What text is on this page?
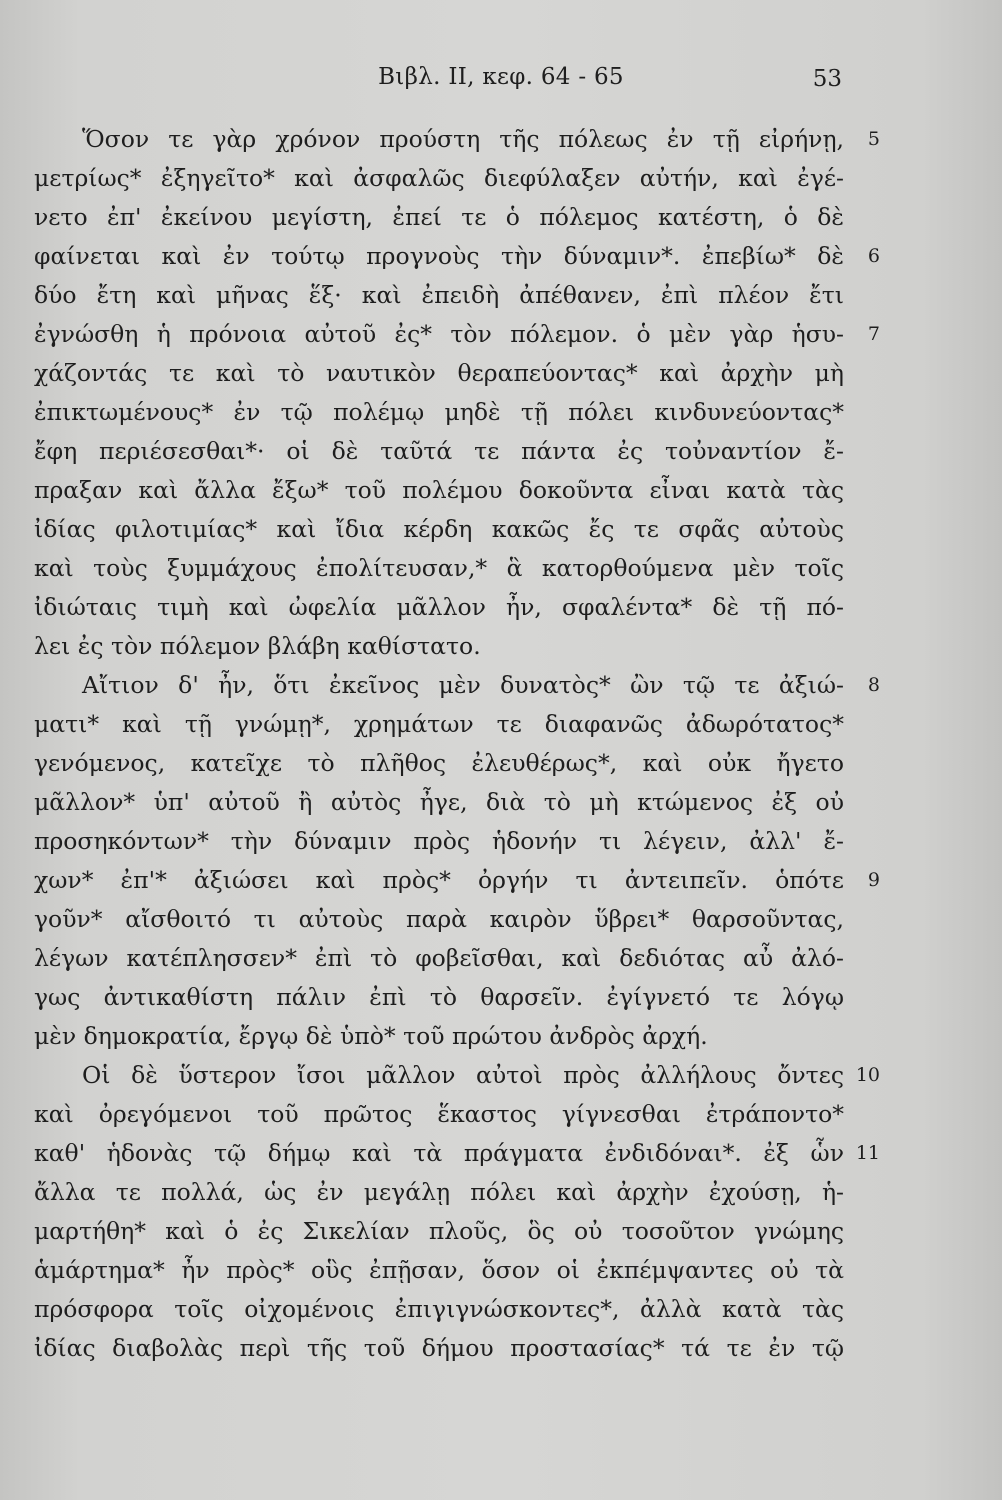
Βιβλ. II, κεφ. 64 - 65	53
Ὅσον τε γὰρ χρόνον προύστη τῆς πόλεως ἐν τῇ εἰρήνῃ,	5
μετρίως* ἐξηγεῖτο* καὶ ἀσφαλῶς διεφύλαξεν αὐτήν, καὶ ἐγέ-
νετο ἐπ' ἐκείνου μεγίστη, ἐπεί τε ὁ πόλεμος κατέστη, ὁ δὲ
φαίνεται καὶ ἐν τούτῳ προγνοὺς τὴν δύναμιν*. ἐπεβίω* δὲ	6
δύο ἔτη καὶ μῆνας ἕξ· καὶ ἐπειδὴ ἀπέθανεν, ἐπὶ πλέον ἔτι
ἐγνώσθη ἡ πρόνοια αὐτοῦ ἐς* τὸν πόλεμον. ὁ μὲν γὰρ ἡσυ-	7
χάζοντάς τε καὶ τὸ ναυτικὸν θεραπεύοντας* καὶ ἀρχὴν μὴ
ἐπικτωμένους* ἐν τῷ πολέμῳ μηδὲ τῇ πόλει κινδυνεύοντας*
ἔφη περιέσεσθαι*· οἱ δὲ ταῦτά τε πάντα ἐς τοὐναντίον ἔ-
πραξαν καὶ ἄλλα ἔξω* τοῦ πολέμου δοκοῦντα εἶναι κατὰ τὰς
ἰδίας φιλοτιμίας* καὶ ἴδια κέρδη κακῶς ἔς τε σφᾶς αὐτοὺς
καὶ τοὺς ξυμμάχους ἐπολίτευσαν,* ἃ κατορθούμενα μὲν τοῖς
ἰδιώταις τιμὴ καὶ ὠφελία μᾶλλον ἦν, σφαλέντα* δὲ τῇ πό-
λει ἐς τὸν πόλεμον βλάβη καθίστατο.
Αἴτιον δ' ἦν, ὅτι ἐκεῖνος μὲν δυνατὸς* ὢν τῷ τε ἀξιώ-	8
ματι* καὶ τῇ γνώμῃ*, χρημάτων τε διαφανῶς ἀδωρότατος*
γενόμενος, κατεῖχε τὸ πλῆθος ἐλευθέρως*, καὶ οὐκ ἤγετο
μᾶλλον* ὑπ' αὐτοῦ ἢ αὐτὸς ἦγε, διὰ τὸ μὴ κτώμενος ἐξ οὐ
προσηκόντων* τὴν δύναμιν πρὸς ἡδονήν τι λέγειν, ἀλλ' ἔ-
χων* ἐπ'* ἀξιώσει καὶ πρὸς* ὀργήν τι ἀντειπεῖν. ὁπότε	9
γοῦν* αἴσθοιτό τι αὐτοὺς παρὰ καιρὸν ὕβρει* θαρσοῦντας,
λέγων κατέπλησσεν* ἐπὶ τὸ φοβεῖσθαι, καὶ δεδιότας αὖ ἀλό-
γως ἀντικαθίστη πάλιν ἐπὶ τὸ θαρσεῖν. ἐγίγνετό τε λόγῳ
μὲν δημοκρατία, ἔργῳ δὲ ὑπὸ* τοῦ πρώτου ἀνδρὸς ἀρχή.
Οἱ δὲ ὕστερον ἴσοι μᾶλλον αὐτοὶ πρὸς ἀλλήλους ὄντες 10
καὶ ὀρεγόμενοι τοῦ πρῶτος ἕκαστος γίγνεσθαι ἐτράποντο*
καθ' ἡδονὰς τῷ δήμῳ καὶ τὰ πράγματα ἐνδιδόναι*. ἐξ ὧν 11
ἄλλα τε πολλά, ὡς ἐν μεγάλῃ πόλει καὶ ἀρχὴν ἐχούσῃ, ἡ-
μαρτήθη* καὶ ὁ ἐς Σικελίαν πλοῦς, ὃς οὐ τοσοῦτον γνώμης
ἁμάρτημα* ἦν πρὸς* οὓς ἐπῇσαν, ὅσον οἱ ἐκπέμψαντες οὐ τὰ
πρόσφορα τοῖς οἰχομένοις ἐπιγιγνώσκοντες*, ἀλλὰ κατὰ τὰς
ἰδίας διαβολὰς περὶ τῆς τοῦ δήμου προστασίας* τά τε ἐν τῷ
